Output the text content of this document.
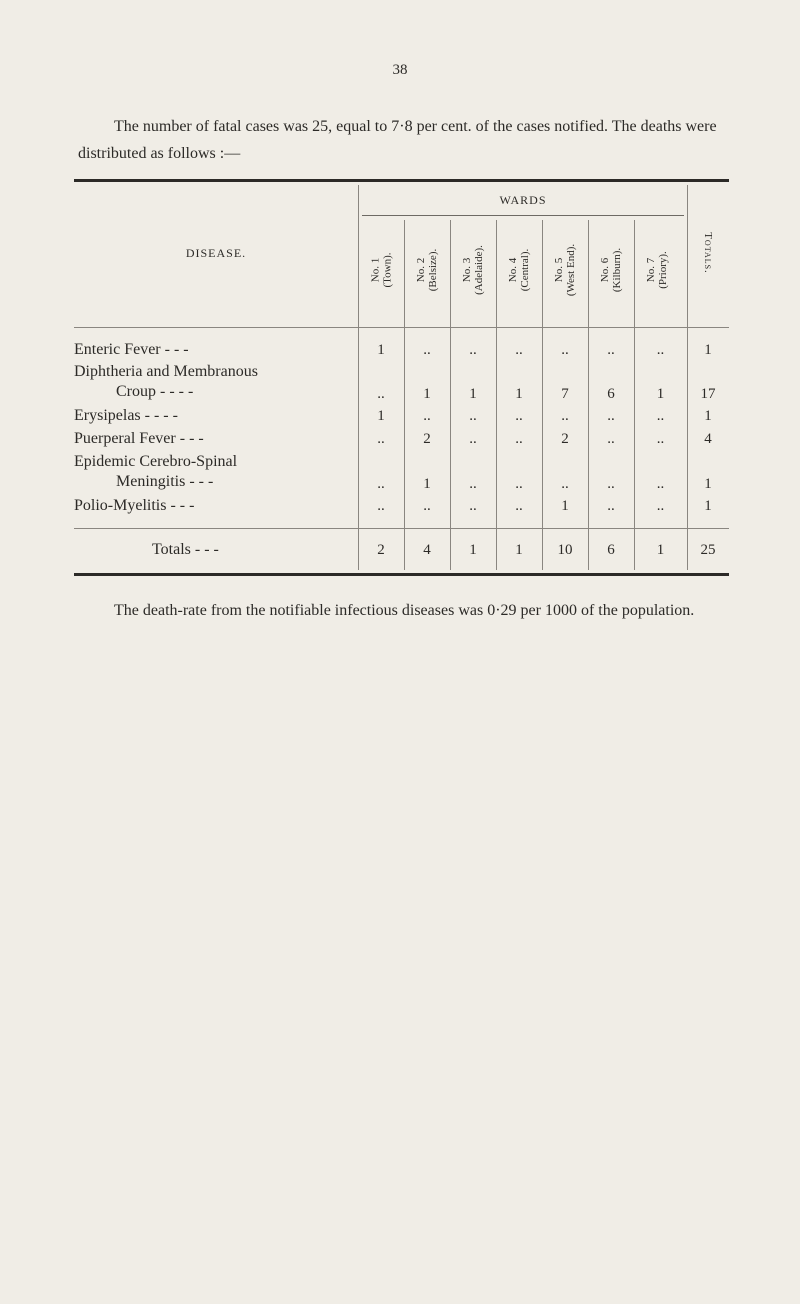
38

The number of fatal cases was 25, equal to 7·8 per cent. of the cases notified. The deaths were distributed as follows :—

WARDS
DISEASE.	Totals.
No. 1 (Town). No. 2 (Belsize). No. 3 (Adelaide). No. 4 (Central). No. 5 (West End). No. 6 (Kilburn). No. 7 (Priory).
Enteric Fever - - -	1	..	..	..	..	..	..	1
Diphtheria and Membranous
Croup - - - -	..	1	1	1	7	6	1	17
Erysipelas - - - -	1	..	..	..	..	..	..	1
Puerperal Fever - - -	..	2	..	..	2	..	..	4
Epidemic Cerebro-Spinal
Meningitis - - -	..	1	..	..	..	..	..	1
Polio-Myelitis - - -	..	..	..	..	1	..	..	1
Totals - - -	2	4	1	1	10	6	1	25

The death-rate from the notifiable infectious diseases was 0·29 per 1000 of the population.
